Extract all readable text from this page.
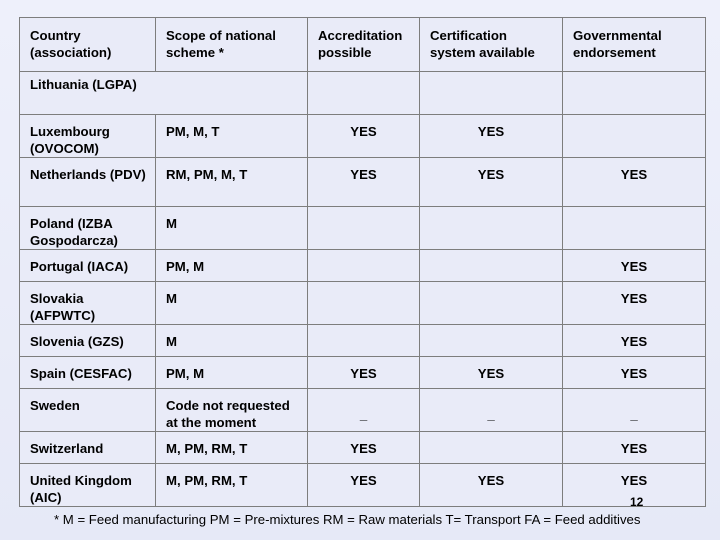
Country (association)	Scope of national scheme *	Accreditation possible	Certification system available	Governmental endorsement
Lithuania (LGPA)				
Luxembourg (OVOCOM)	PM, M, T	YES	YES	
Netherlands (PDV)	RM, PM, M, T	YES	YES	YES
Poland (IZBA Gospodarcza)	M			
Portugal (IACA)	PM, M			YES
Slovakia (AFPWTC)	M			YES
Slovenia (GZS)	M			YES
Spain (CESFAC)	PM, M	YES	YES	YES
Sweden	Code not requested at the moment	_	_	_
Switzerland	M, PM, RM, T	YES		YES
United Kingdom (AIC)	M, PM, RM, T	YES	YES	YES
12
* M = Feed manufacturing PM = Pre-mixtures RM = Raw materials T= Transport FA = Feed additives
